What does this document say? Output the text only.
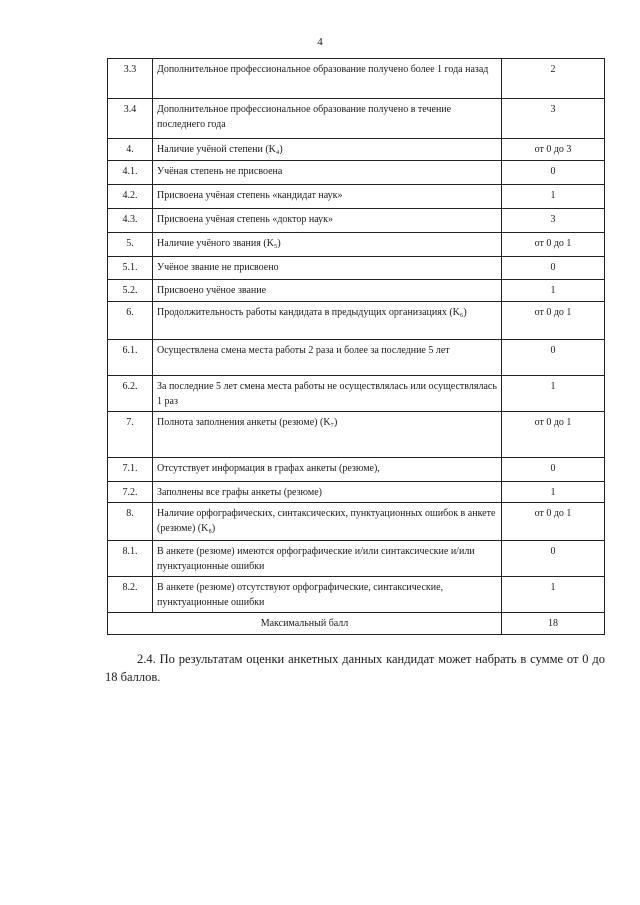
4
3.3	Дополнительное профессиональное образование получено более 1 года назад	2
3.4	Дополнительное профессиональное образование получено в течение последнего года	3
4.	Наличие учёной степени (K₄)	от 0 до 3
4.1.	Учёная степень не присвоена	0
4.2.	Присвоена учёная степень «кандидат наук»	1
4.3.	Присвоена учёная степень «доктор наук»	3
5.	Наличие учёного звания (K₅)	от 0 до 1
5.1.	Учёное звание не присвоено	0
5.2.	Присвоено учёное звание	1
6.	Продолжительность работы кандидата в предыдущих организациях (K₆)	от 0 до 1
6.1.	Осуществлена смена места работы 2 раза и более за последние 5 лет	0
6.2.	За последние 5 лет смена места работы не осуществлялась или осуществлялась 1 раз	1
7.	Полнота заполнения анкеты (резюме) (K₇)	от 0 до 1
7.1.	Отсутствует информация в графах анкеты (резюме),	0
7.2.	Заполнены все графы анкеты (резюме)	1
8.	Наличие орфографических, синтаксических, пунктуационных ошибок в анкете (резюме) (K₈)	от 0 до 1
8.1.	В анкете (резюме) имеются орфографические и/или синтаксические и/или пунктуационные ошибки	0
8.2.	В анкете (резюме) отсутствуют орфографические, синтаксические, пунктуационные ошибки	1
Максимальный балл		18
2.4. По результатам оценки анкетных данных кандидат может набрать в сумме от 0 до 18 баллов.
